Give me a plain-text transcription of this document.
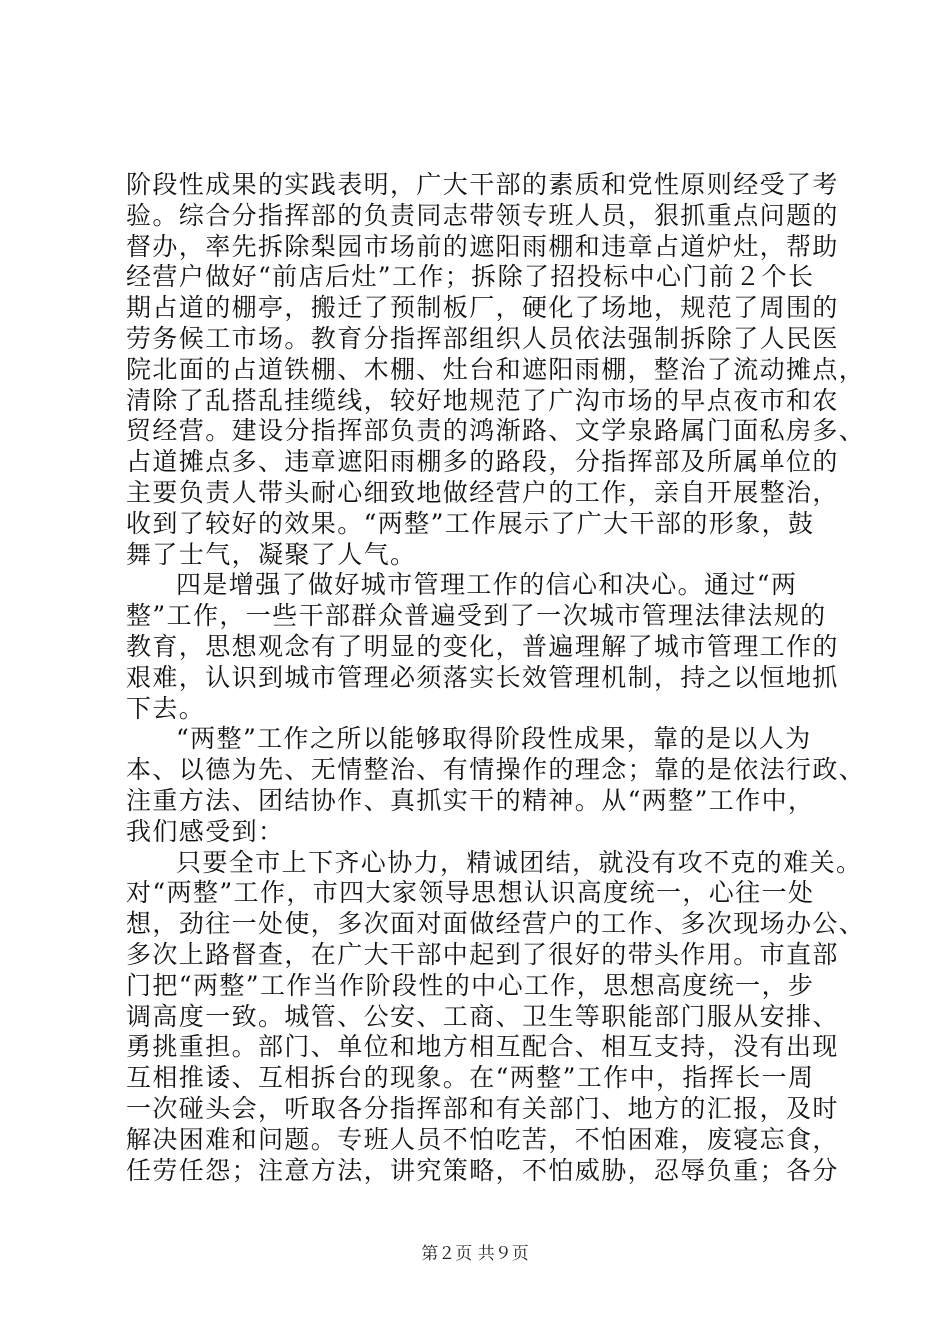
阶段性成果的实践表明，广大干部的素质和党性原则经受了考
验。综合分指挥部的负责同志带领专班人员，狠抓重点问题的
督办，率先拆除梨园市场前的遮阳雨棚和违章占道炉灶，帮助
经营户做好“前店后灶”工作；拆除了招投标中心门前２个长
期占道的棚亭，搬迁了预制板厂，硬化了场地，规范了周围的
劳务候工市场。教育分指挥部组织人员依法强制拆除了人民医
院北面的占道铁棚、木棚、灶台和遮阳雨棚，整治了流动摊点，
清除了乱搭乱挂缆线，较好地规范了广沟市场的早点夜市和农
贸经营。建设分指挥部负责的鸿渐路、文学泉路属门面私房多、
占道摊点多、违章遮阳雨棚多的路段，分指挥部及所属单位的
主要负责人带头耐心细致地做经营户的工作，亲自开展整治，
收到了较好的效果。“两整”工作展示了广大干部的形象，鼓
舞了士气，凝聚了人气。
四是增强了做好城市管理工作的信心和决心。通过“两
整”工作，一些干部群众普遍受到了一次城市管理法律法规的
教育，思想观念有了明显的变化，普遍理解了城市管理工作的
艰难，认识到城市管理必须落实长效管理机制，持之以恒地抓
下去。
“两整”工作之所以能够取得阶段性成果，靠的是以人为
本、以德为先、无情整治、有情操作的理念；靠的是依法行政、
注重方法、团结协作、真抓实干的精神。从“两整”工作中，
我们感受到：
只要全市上下齐心协力，精诚团结，就没有攻不克的难关。
对“两整”工作，市四大家领导思想认识高度统一，心往一处
想，劲往一处使，多次面对面做经营户的工作、多次现场办公、
多次上路督查，在广大干部中起到了很好的带头作用。市直部
门把“两整”工作当作阶段性的中心工作，思想高度统一，步
调高度一致。城管、公安、工商、卫生等职能部门服从安排、
勇挑重担。部门、单位和地方相互配合、相互支持，没有出现
互相推诿、互相拆台的现象。在“两整”工作中，指挥长一周
一次碰头会，听取各分指挥部和有关部门、地方的汇报，及时
解决困难和问题。专班人员不怕吃苦，不怕困难，废寝忘食，
任劳任怨；注意方法，讲究策略，不怕威胁，忍辱负重；各分
第２页 共９页
